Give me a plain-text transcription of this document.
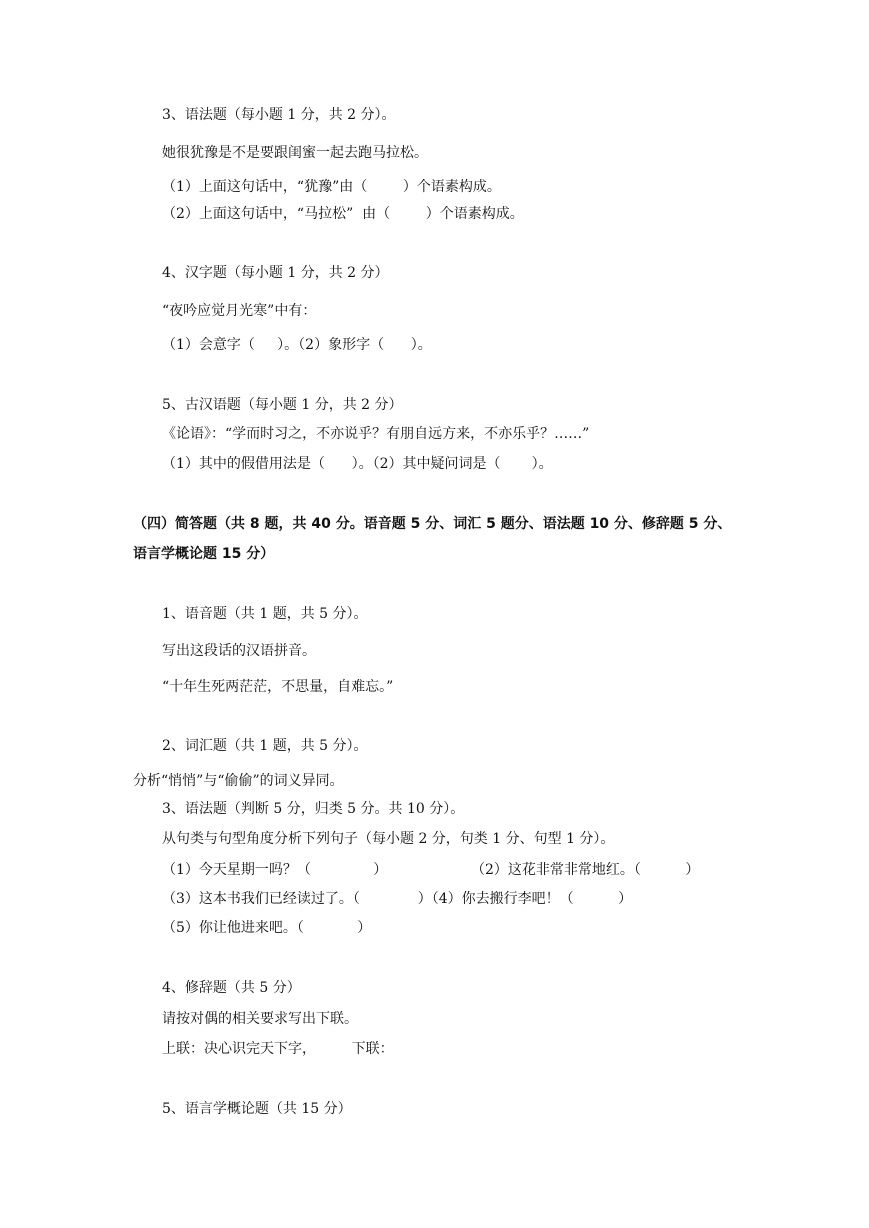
3、语法题（每小题 1 分，共 2 分）。
她很犹豫是不是要跟闺蜜一起去跑马拉松。
（1）上面这句话中，“犹豫”由（        ）个语素构成。
（2）上面这句话中，“马拉松”  由（        ）个语素构成。
4、汉字题（每小题 1 分，共 2 分）
“夜吟应觉月光寒”中有：
（1）会意字（     ）。（2）象形字（      ）。
5、古汉语题（每小题 1 分，共 2 分）
《论语》：“学而时习之，不亦说乎？有朋自远方来，不亦乐乎？……”
（1）其中的假借用法是（      ）。（2）其中疑问词是（       ）。
（四）简答题（共 8 题，共 40 分。语音题 5 分、词汇 5 题分、语法题 10 分、修辞题 5 分、
语言学概论题 15 分）
1、语音题（共 1 题，共 5 分）。
写出这段话的汉语拼音。
“十年生死两茫茫，不思量，自难忘。”
2、词汇题（共 1 题，共 5 分）。
分析“悄悄”与“偷偷”的词义异同。
3、语法题（判断 5 分，归类 5 分。共 10 分）。
从句类与句型角度分析下列句子（每小题 2 分，句类 1 分、句型 1 分）。
（1）今天星期一吗？（              ）	（2）这花非常非常地红。（          ）
（3）这本书我们已经读过了。（             ）（4）你去搬行李吧！（          ）
（5）你让他进来吧。（            ）
4、修辞题（共 5 分）
请按对偶的相关要求写出下联。
上联：决心识完天下字，        下联：
5、语言学概论题（共 15 分）
